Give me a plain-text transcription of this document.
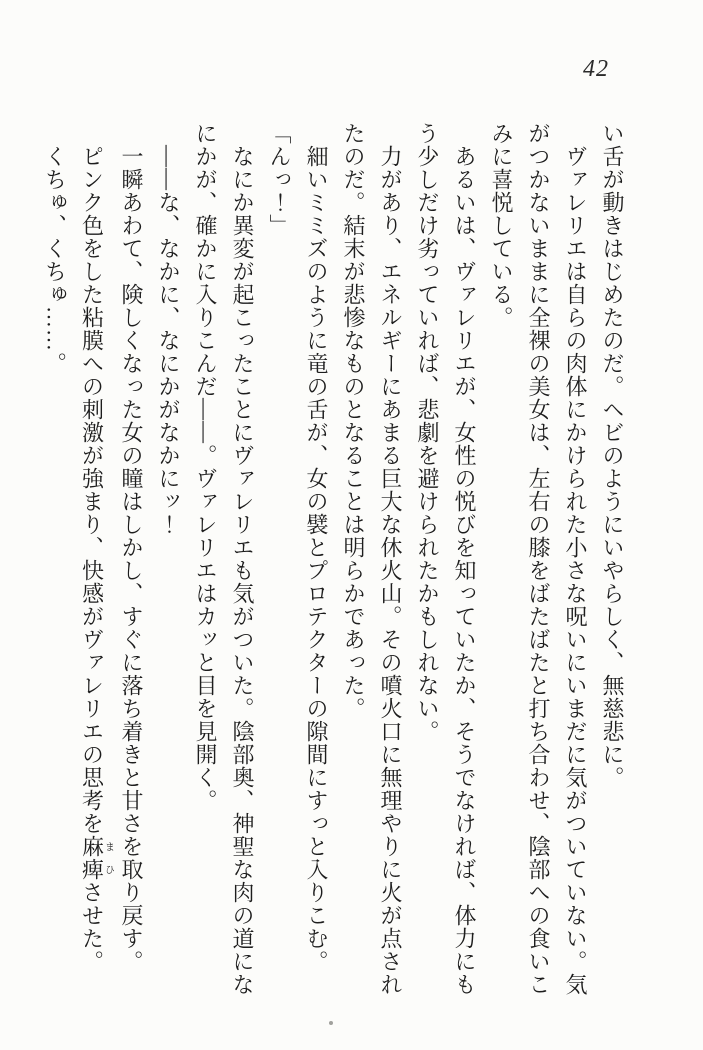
42

い舌が動きはじめたのだ。ヘビのようにいやらしく、無慈悲に。

ヴァレリエは自らの肉体にかけられた小さな呪いにいまだに気がついていない。気がつかないままに全裸の美女は、左右の膝をばたばたと打ち合わせ、陰部への食いこみに喜悦している。

あるいは、ヴァレリエが、女性の悦びを知っていたか、そうでなければ、体力にもう少しだけ劣っていれば、悲劇を避けられたかもしれない。

力があり、エネルギーにあまる巨大な休火山。その噴火口に無理やりに火が点されたのだ。結末が悲惨なものとなることは明らかであった。

細いミミズのように竜の舌が、女の襞とプロテクターの隙間にすっと入りこむ。

「んっ！」

なにか異変が起こったことにヴァレリエも気がついた。陰部奥、神聖な肉の道になにかが、確かに入りこんだ――。ヴァレリエはカッと目を見開く。

――な、なかに、なにかがなかにッ！

一瞬あわて、険しくなった女の瞳はしかし、すぐに落ち着きと甘さを取り戻す。

ピンク色をした粘膜への刺激が強まり、快感がヴァレリエの思考を麻痺まひさせた。

くちゅ、くちゅ……。
